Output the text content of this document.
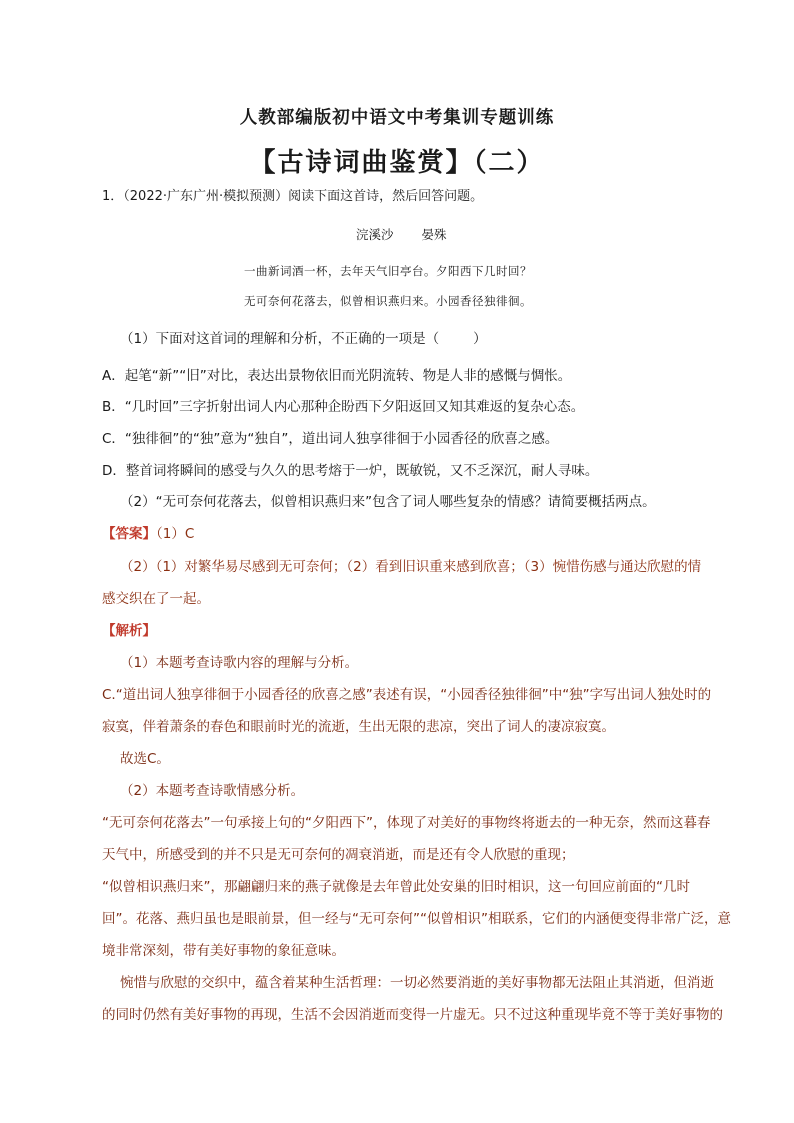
人教部编版初中语文中考集训专题训练
【古诗词曲鉴赏】（二）
1．（2022·广东广州·模拟预测）阅读下面这首诗，然后回答问题。
浣溪沙 晏殊
一曲新词酒一杯，去年天气旧亭台。夕阳西下几时回？
无可奈何花落去，似曾相识燕归来。小园香径独徘徊。
（1）下面对这首词的理解和分析，不正确的一项是（	）
A．起笔“新”“旧”对比，表达出景物依旧而光阴流转、物是人非的感慨与惆怅。
B．“几时回”三字折射出词人内心那种企盼西下夕阳返回又知其难返的复杂心态。
C．“独徘徊”的“独”意为“独自”，道出词人独享徘徊于小园香径的欣喜之感。
D．整首词将瞬间的感受与久久的思考熔于一炉，既敏锐，又不乏深沉，耐人寻味。
（2）“无可奈何花落去，似曾相识燕归来”包含了词人哪些复杂的情感？请简要概括两点。
【答案】（1）C
（2）（1）对繁华易尽感到无可奈何；（2）看到旧识重来感到欣喜；（3）惋惜伤感与通达欣慰的情
感交织在了一起。
【解析】
（1）本题考查诗歌内容的理解与分析。
C.“道出词人独享徘徊于小园香径的欣喜之感”表述有误，“小园香径独徘徊”中“独”字写出词人独处时的
寂寞，伴着萧条的春色和眼前时光的流逝，生出无限的悲凉，突出了词人的凄凉寂寞。
故选C。
（2）本题考查诗歌情感分析。
“无可奈何花落去”一句承接上句的“夕阳西下”，体现了对美好的事物终将逝去的一种无奈，然而这暮春
天气中，所感受到的并不只是无可奈何的凋衰消逝，而是还有令人欣慰的重现；
“似曾相识燕归来”，那翩翩归来的燕子就像是去年曾此处安巢的旧时相识，这一句回应前面的“几时
回”。花落、燕归虽也是眼前景，但一经与“无可奈何”“似曾相识”相联系，它们的内涵便变得非常广泛，意
境非常深刻，带有美好事物的象征意味。
惋惜与欣慰的交织中，蕴含着某种生活哲理：一切必然要消逝的美好事物都无法阻止其消逝，但消逝
的同时仍然有美好事物的再现，生活不会因消逝而变得一片虚无。只不过这种重现毕竟不等于美好事物的
